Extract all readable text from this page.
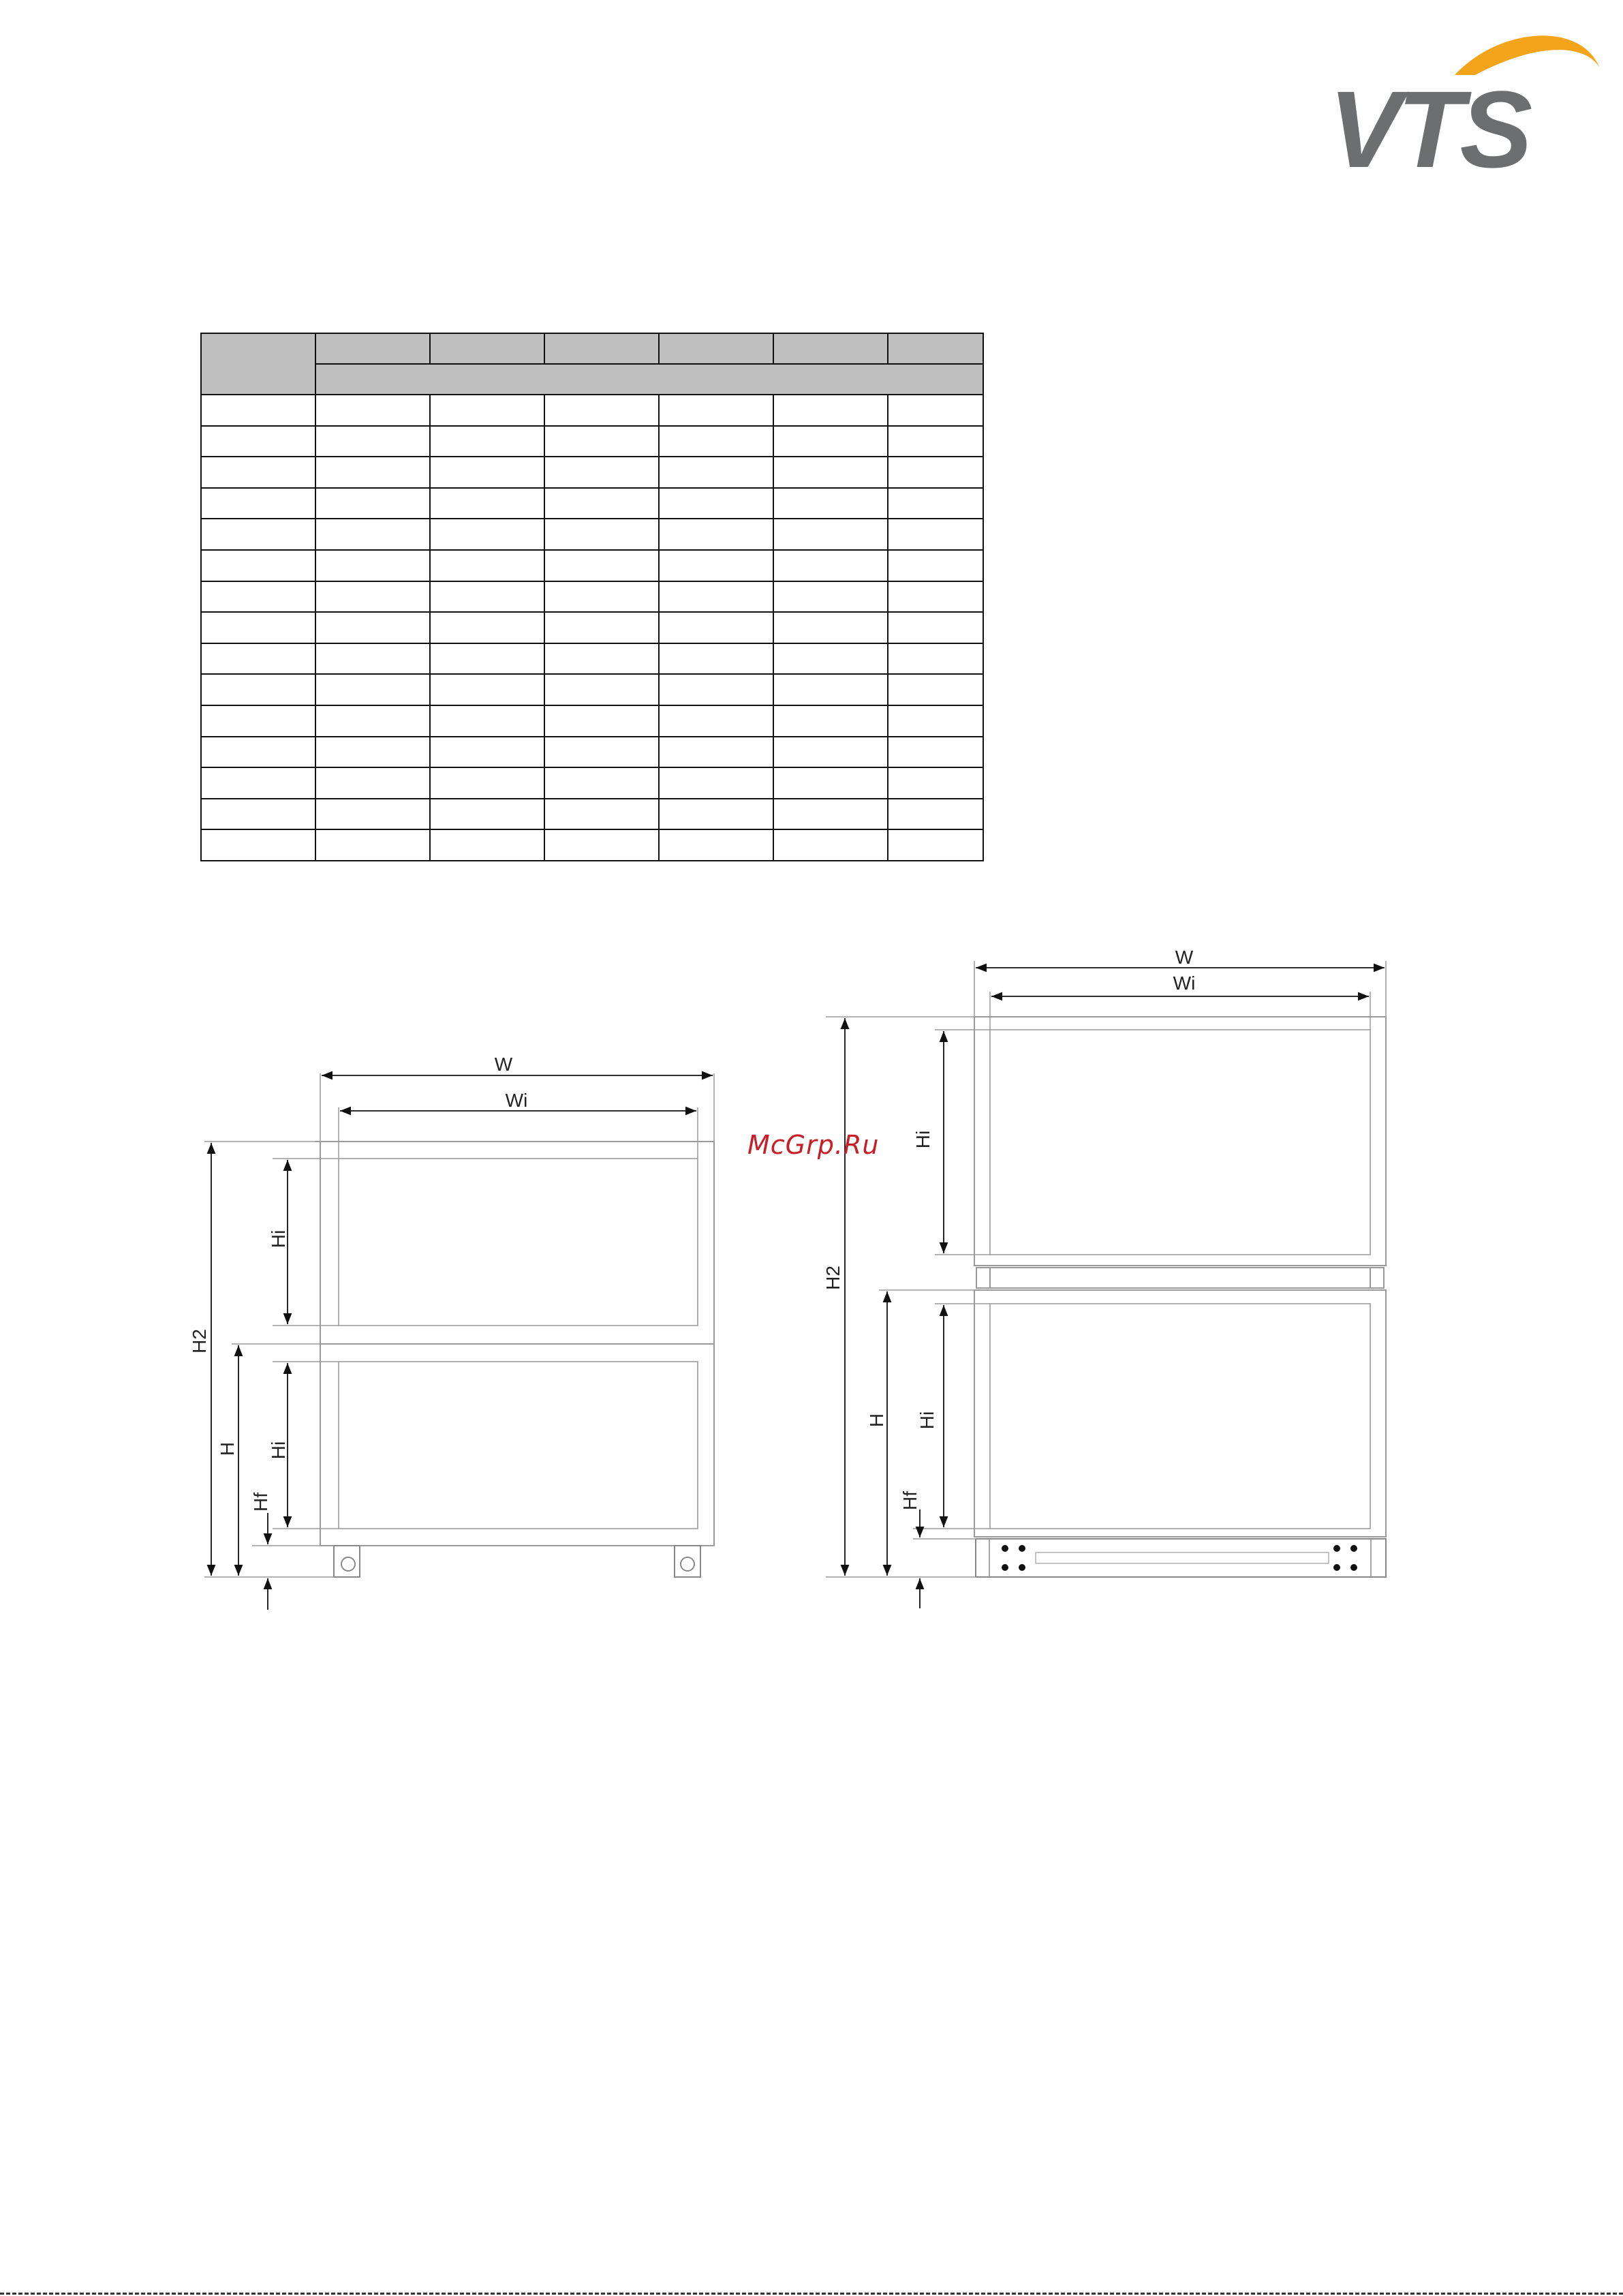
VTS

W
Wi
H2
H
Hi
Hi
Hf
W
Wi
H2
H
Hi
Hi
Hf
McGrp.Ru
